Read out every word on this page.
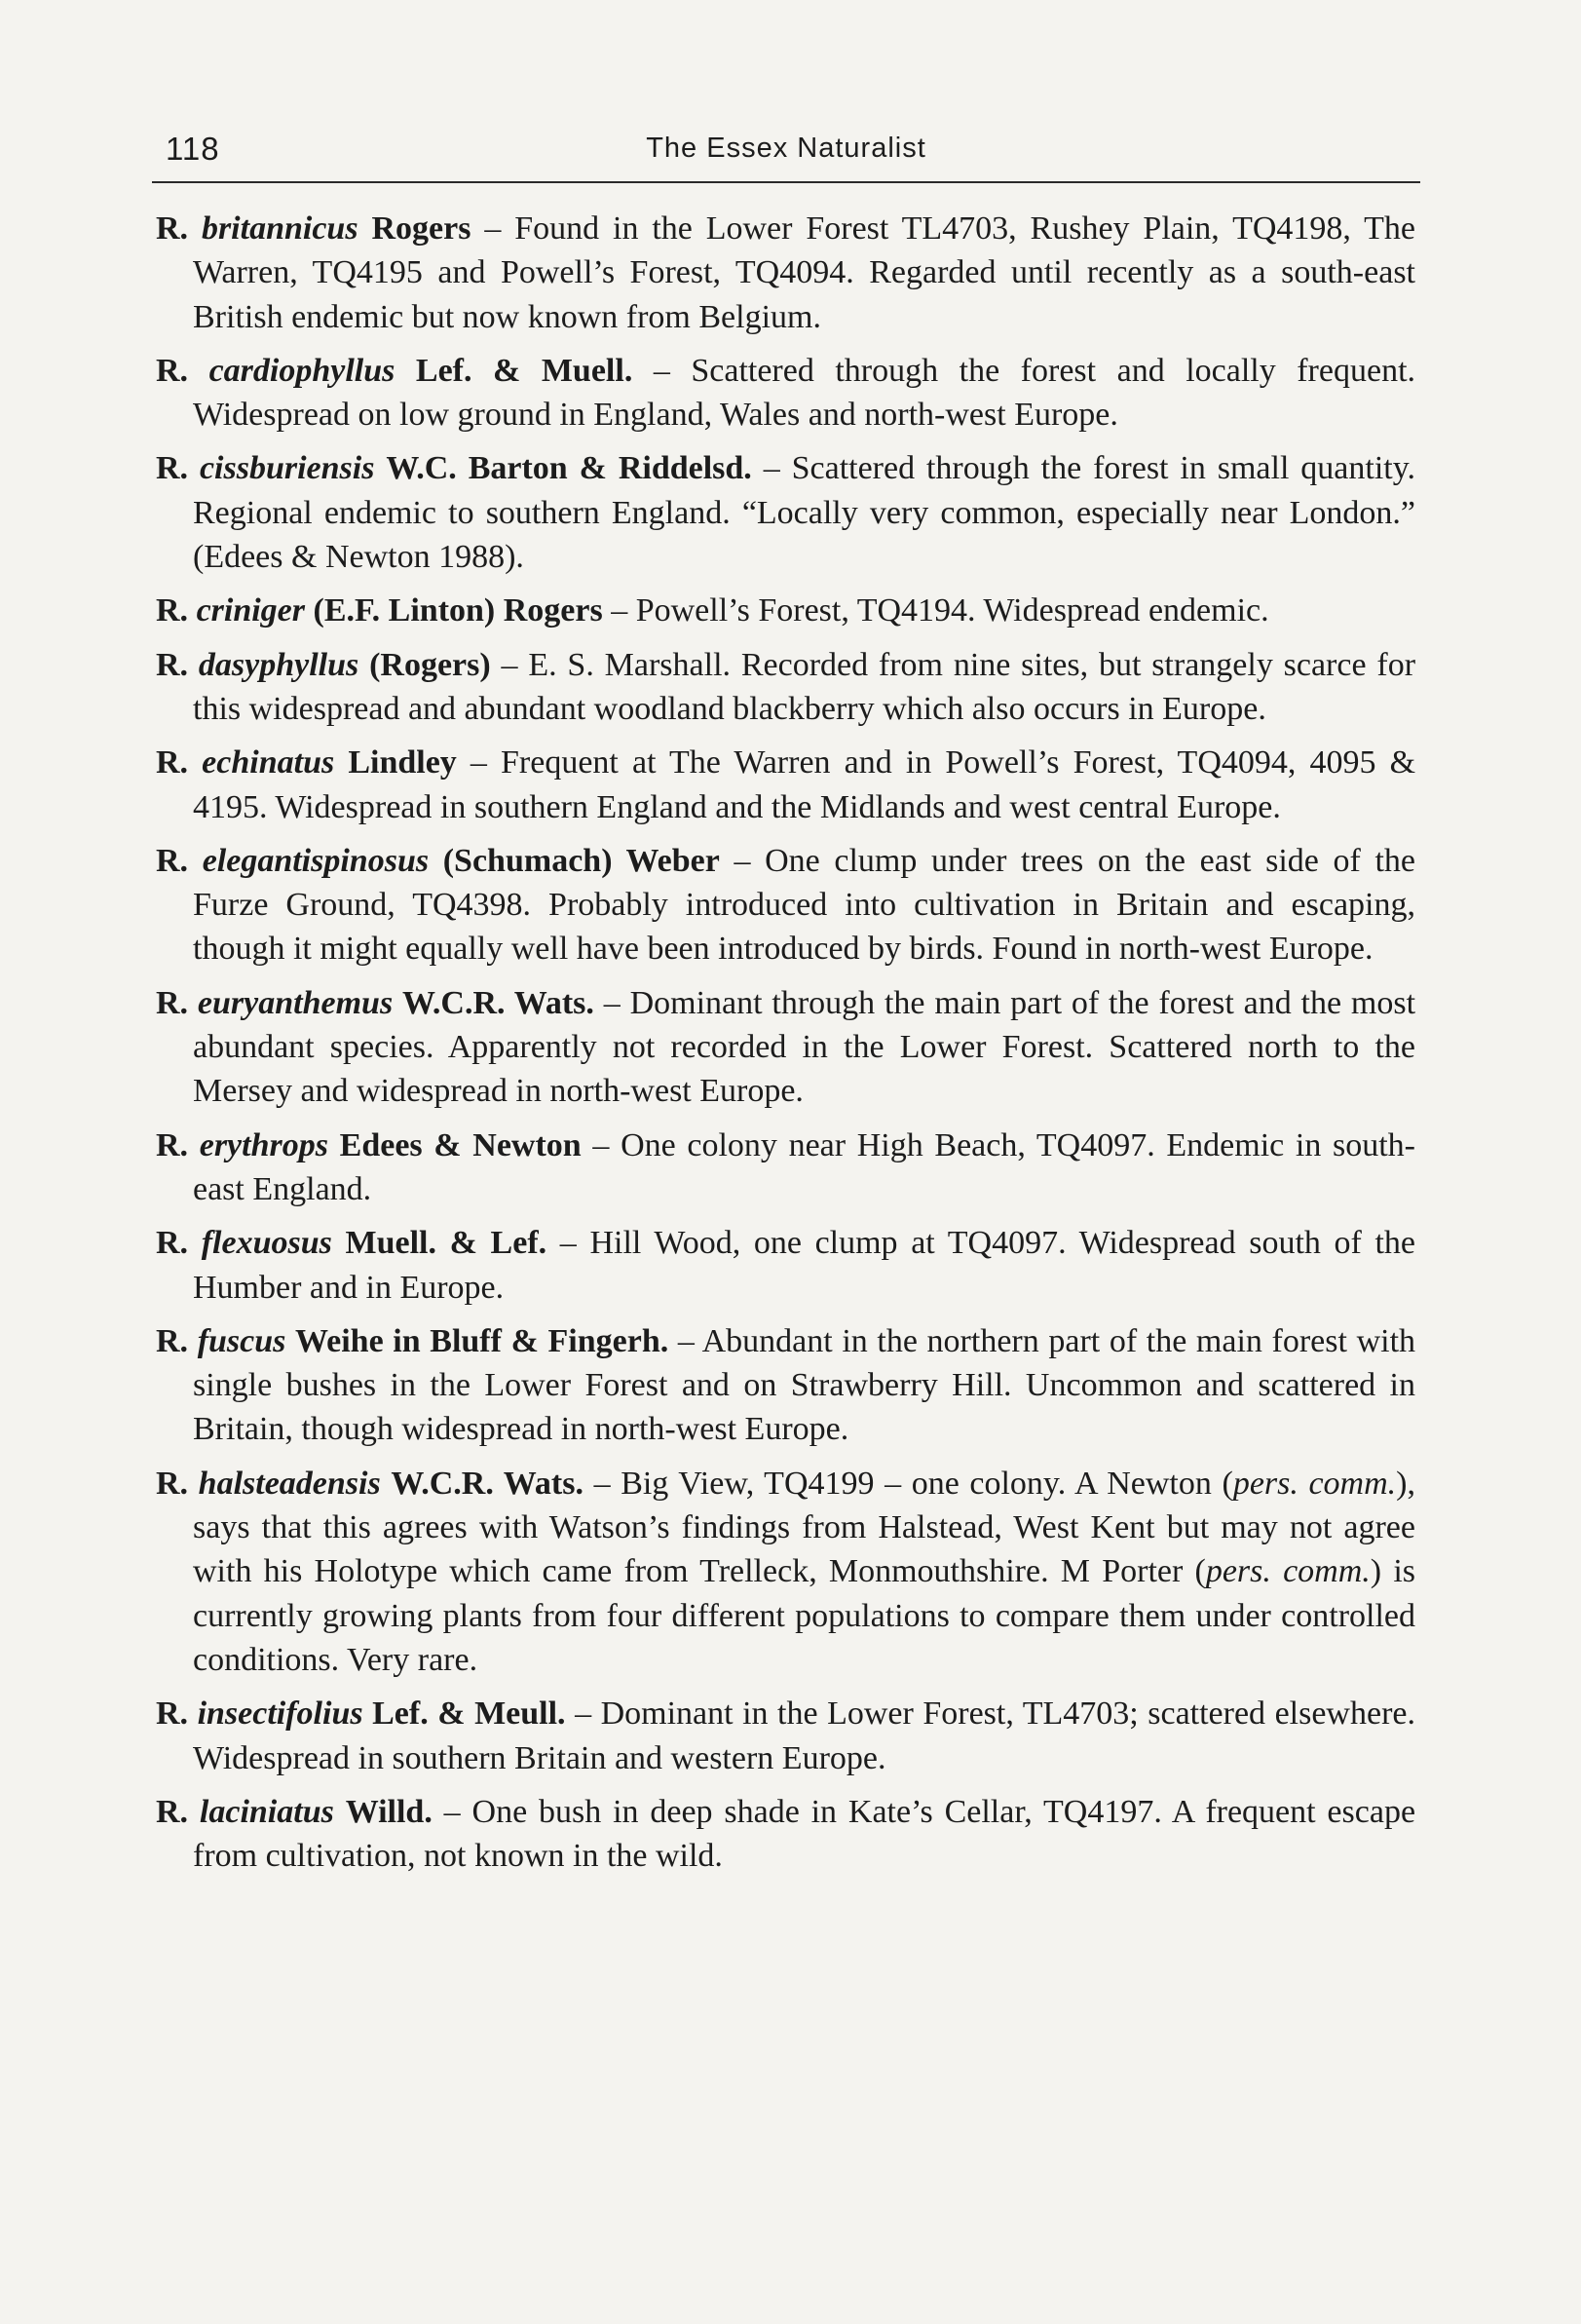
118	The Essex Naturalist

R. britannicus Rogers – Found in the Lower Forest TL4703, Rushey Plain, TQ4198, The Warren, TQ4195 and Powell’s Forest, TQ4094. Regarded until recently as a south-east British endemic but now known from Belgium.

R. cardiophyllus Lef. & Muell. – Scattered through the forest and locally frequent. Widespread on low ground in England, Wales and north-west Europe.

R. cissburiensis W.C. Barton & Riddelsd. – Scattered through the forest in small quantity. Regional endemic to southern England. “Locally very common, especially near London.” (Edees & Newton 1988).

R. criniger (E.F. Linton) Rogers – Powell’s Forest, TQ4194. Widespread endemic.

R. dasyphyllus (Rogers) – E. S. Marshall. Recorded from nine sites, but strangely scarce for this widespread and abundant woodland blackberry which also occurs in Europe.

R. echinatus Lindley – Frequent at The Warren and in Powell’s Forest, TQ4094, 4095 & 4195. Widespread in southern England and the Midlands and west central Europe.

R. elegantispinosus (Schumach) Weber – One clump under trees on the east side of the Furze Ground, TQ4398. Probably introduced into cultivation in Britain and escaping, though it might equally well have been introduced by birds. Found in north-west Europe.

R. euryanthemus W.C.R. Wats. – Dominant through the main part of the forest and the most abundant species. Apparently not recorded in the Lower Forest. Scattered north to the Mersey and widespread in north-west Europe.

R. erythrops Edees & Newton – One colony near High Beach, TQ4097. Endemic in south-east England.

R. flexuosus Muell. & Lef. – Hill Wood, one clump at TQ4097. Widespread south of the Humber and in Europe.

R. fuscus Weihe in Bluff & Fingerh. – Abundant in the northern part of the main forest with single bushes in the Lower Forest and on Strawberry Hill. Uncommon and scattered in Britain, though widespread in north-west Europe.

R. halsteadensis W.C.R. Wats. – Big View, TQ4199 – one colony. A Newton (pers. comm.), says that this agrees with Watson’s findings from Halstead, West Kent but may not agree with his Holotype which came from Trelleck, Monmouthshire. M Porter (pers. comm.) is currently growing plants from four different populations to compare them under controlled conditions. Very rare.

R. insectifolius Lef. & Meull. – Dominant in the Lower Forest, TL4703; scattered elsewhere. Widespread in southern Britain and western Europe.

R. laciniatus Willd. – One bush in deep shade in Kate’s Cellar, TQ4197. A frequent escape from cultivation, not known in the wild.
